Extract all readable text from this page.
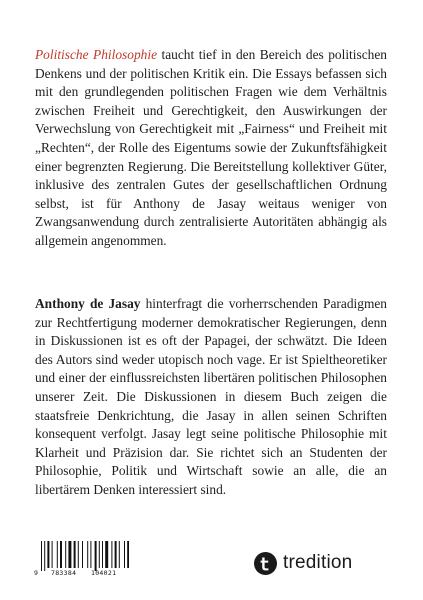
Politische Philosophie taucht tief in den Bereich des politischen Denkens und der politischen Kritik ein. Die Essays befassen sich mit den grundlegenden politischen Fragen wie dem Verhältnis zwischen Freiheit und Gerechtigkeit, den Auswirkungen der Verwechslung von Gerechtigkeit mit „Fairness“ und Freiheit mit „Rechten“, der Rolle des Eigentums sowie der Zukunftsfähigkeit einer begrenzten Regierung. Die Bereitstellung kollektiver Güter, inklusive des zentralen Gutes der gesellschaftlichen Ordnung selbst, ist für Anthony de Jasay weitaus weniger von Zwangsanwendung durch zentralisierte Autoritäten abhängig als allgemein angenommen.

Anthony de Jasay hinterfragt die vorherrschenden Paradigmen zur Rechtfertigung moderner demokratischer Regierungen, denn in Diskussionen ist es oft der Papagei, der schwätzt. Die Ideen des Autors sind weder utopisch noch vage. Er ist Spieltheoretiker und einer der einflussreichsten libertären politischen Philosophen unserer Zeit. Die Diskussionen in diesem Buch zeigen die staatsfreie Denkrichtung, die Jasay in allen seinen Schriften konsequent verfolgt. Jasay legt seine politische Philosophie mit Klarheit und Präzision dar. Sie richtet sich an Studenten der Philosophie, Politik und Wirtschaft sowie an alle, die an libertärem Denken interessiert sind.

9 783384 104021	tredition
